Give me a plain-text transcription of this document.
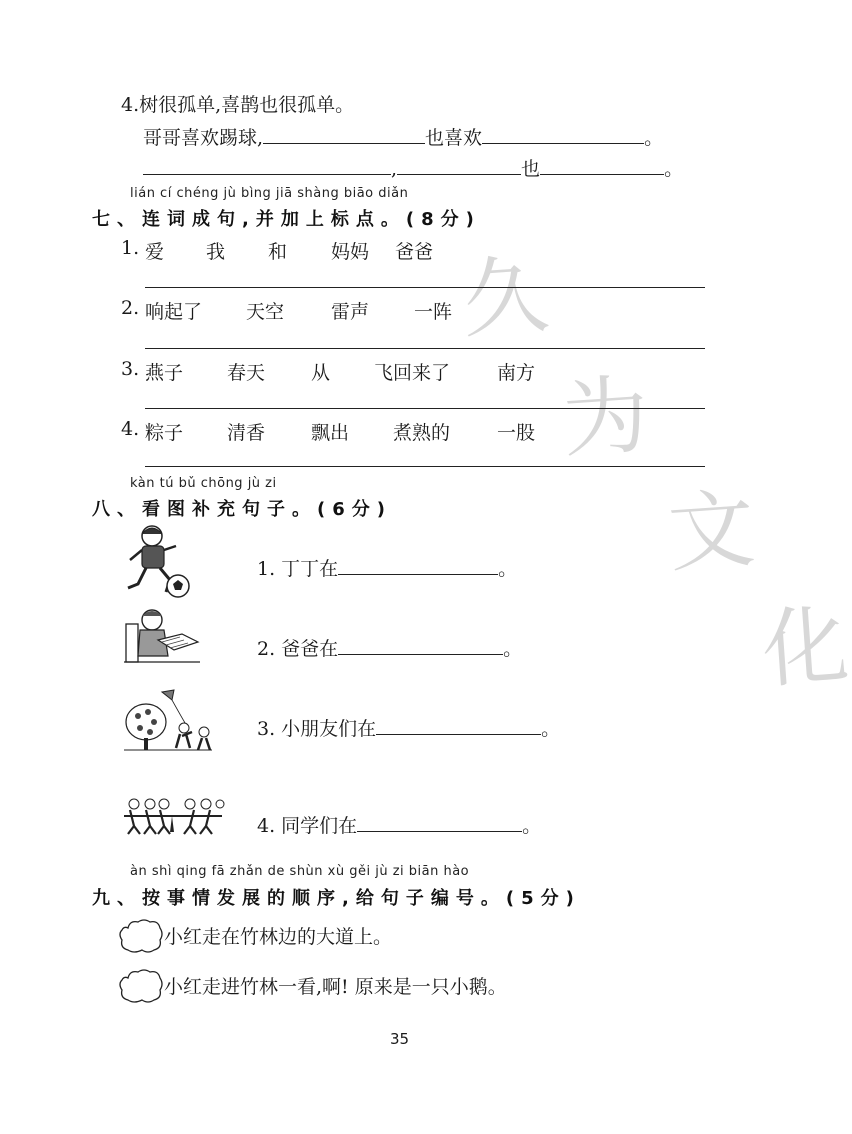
久
为
文
化
4.树很孤单,喜鹊也很孤单。
哥哥喜欢踢球,	也喜欢	。
,	也	。
lián cí chéng jù bìng jiā shàng biāo diǎn
七、连词成句,并加上标点。(8分)
1. 爱 我 和 妈妈 爸爸
2. 响起了 天空 雷声 一阵
3. 燕子 春天 从 飞回来了 南方
4. 粽子 清香 飘出 煮熟的 一股
kàn tú bǔ chōng jù zi
八、看图补充句子。(6分)
1. 丁丁在	。
2. 爸爸在	。
3. 小朋友们在	。
4. 同学们在	。
àn shì qing fā zhǎn de shùn xù gěi jù zi biān hào
九、按事情发展的顺序,给句子编号。(5分)
小红走在竹林边的大道上。
小红走进竹林一看,啊! 原来是一只小鹅。
35
